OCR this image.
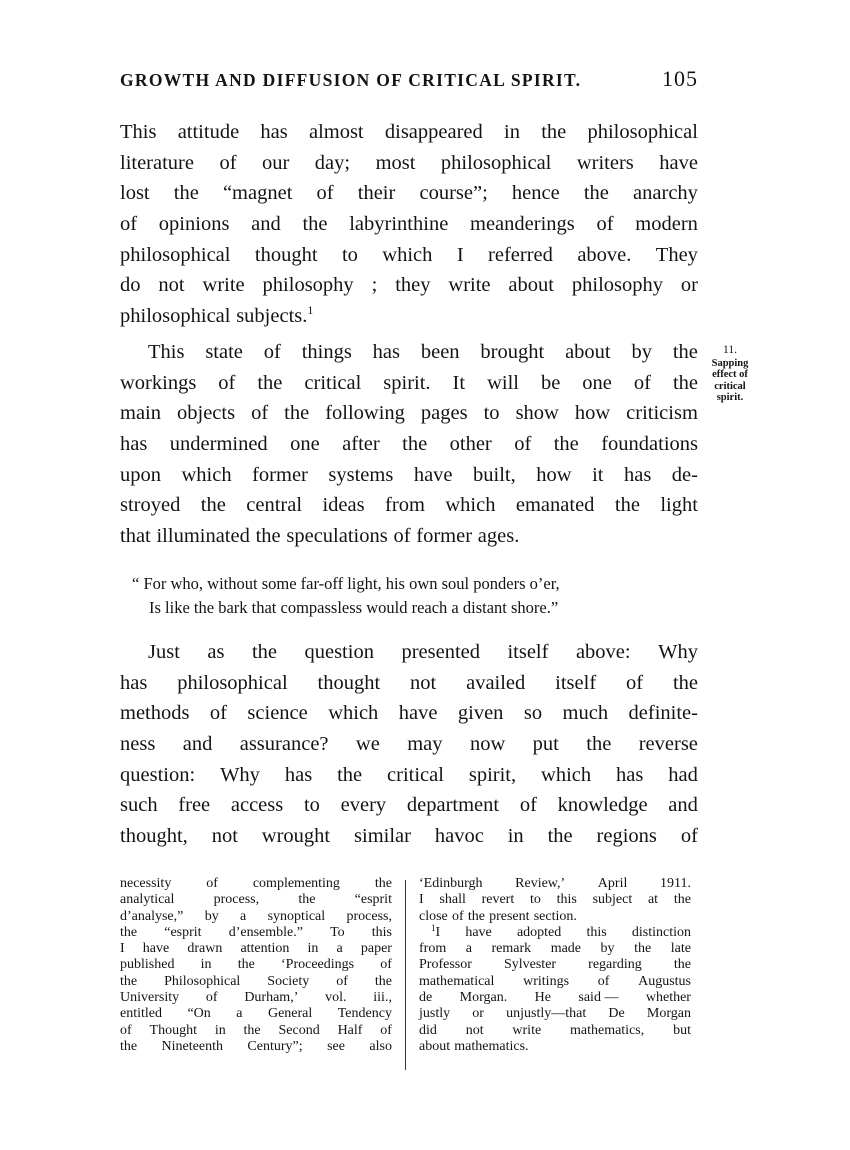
GROWTH AND DIFFUSION OF CRITICAL SPIRIT.	105
This attitude has almost disappeared in the philosophical
literature of our day; most philosophical writers have
lost the “magnet of their course”; hence the anarchy
of opinions and the labyrinthine meanderings of modern
philosophical thought to which I referred above. They
do not write philosophy ; they write about philosophy or
philosophical subjects.$^1$
This state of things has been brought about by the
workings of the critical spirit. It will be one of the
main objects of the following pages to show how criticism
has undermined one after the other of the foundations
upon which former systems have built, how it has de-
stroyed the central ideas from which emanated the light
that illuminated the speculations of former ages.
11.
Sapping
effect of
critical
spirit.
“ For who, without some far-off light, his own soul ponders o’er,
Is like the bark that compassless would reach a distant shore.”
Just as the question presented itself above: Why
has philosophical thought not availed itself of the
methods of science which have given so much definite-
ness and assurance? we may now put the reverse
question: Why has the critical spirit, which has had
such free access to every department of knowledge and
thought, not wrought similar havoc in the regions of
necessity of complementing the
analytical	process,	the	“esprit
d’analyse,” by a synoptical process,
the “esprit d’ensemble.” To this
I have drawn attention in a paper
published in the ‘Proceedings of
the Philosophical Society of the
University of Durham,’ vol. iii.,
entitled “On a General Tendency
of Thought in the Second Half of
the Nineteenth Century”; see also
‘Edinburgh Review,’ April 1911.
I shall revert to this subject at the
close of the present section.
$^1$I have adopted this distinction
from a remark made by the late
Professor Sylvester regarding the
mathematical writings of Augustus
de Morgan. He said — whether
justly or unjustly—that De Morgan
did not write mathematics, but
about mathematics.
